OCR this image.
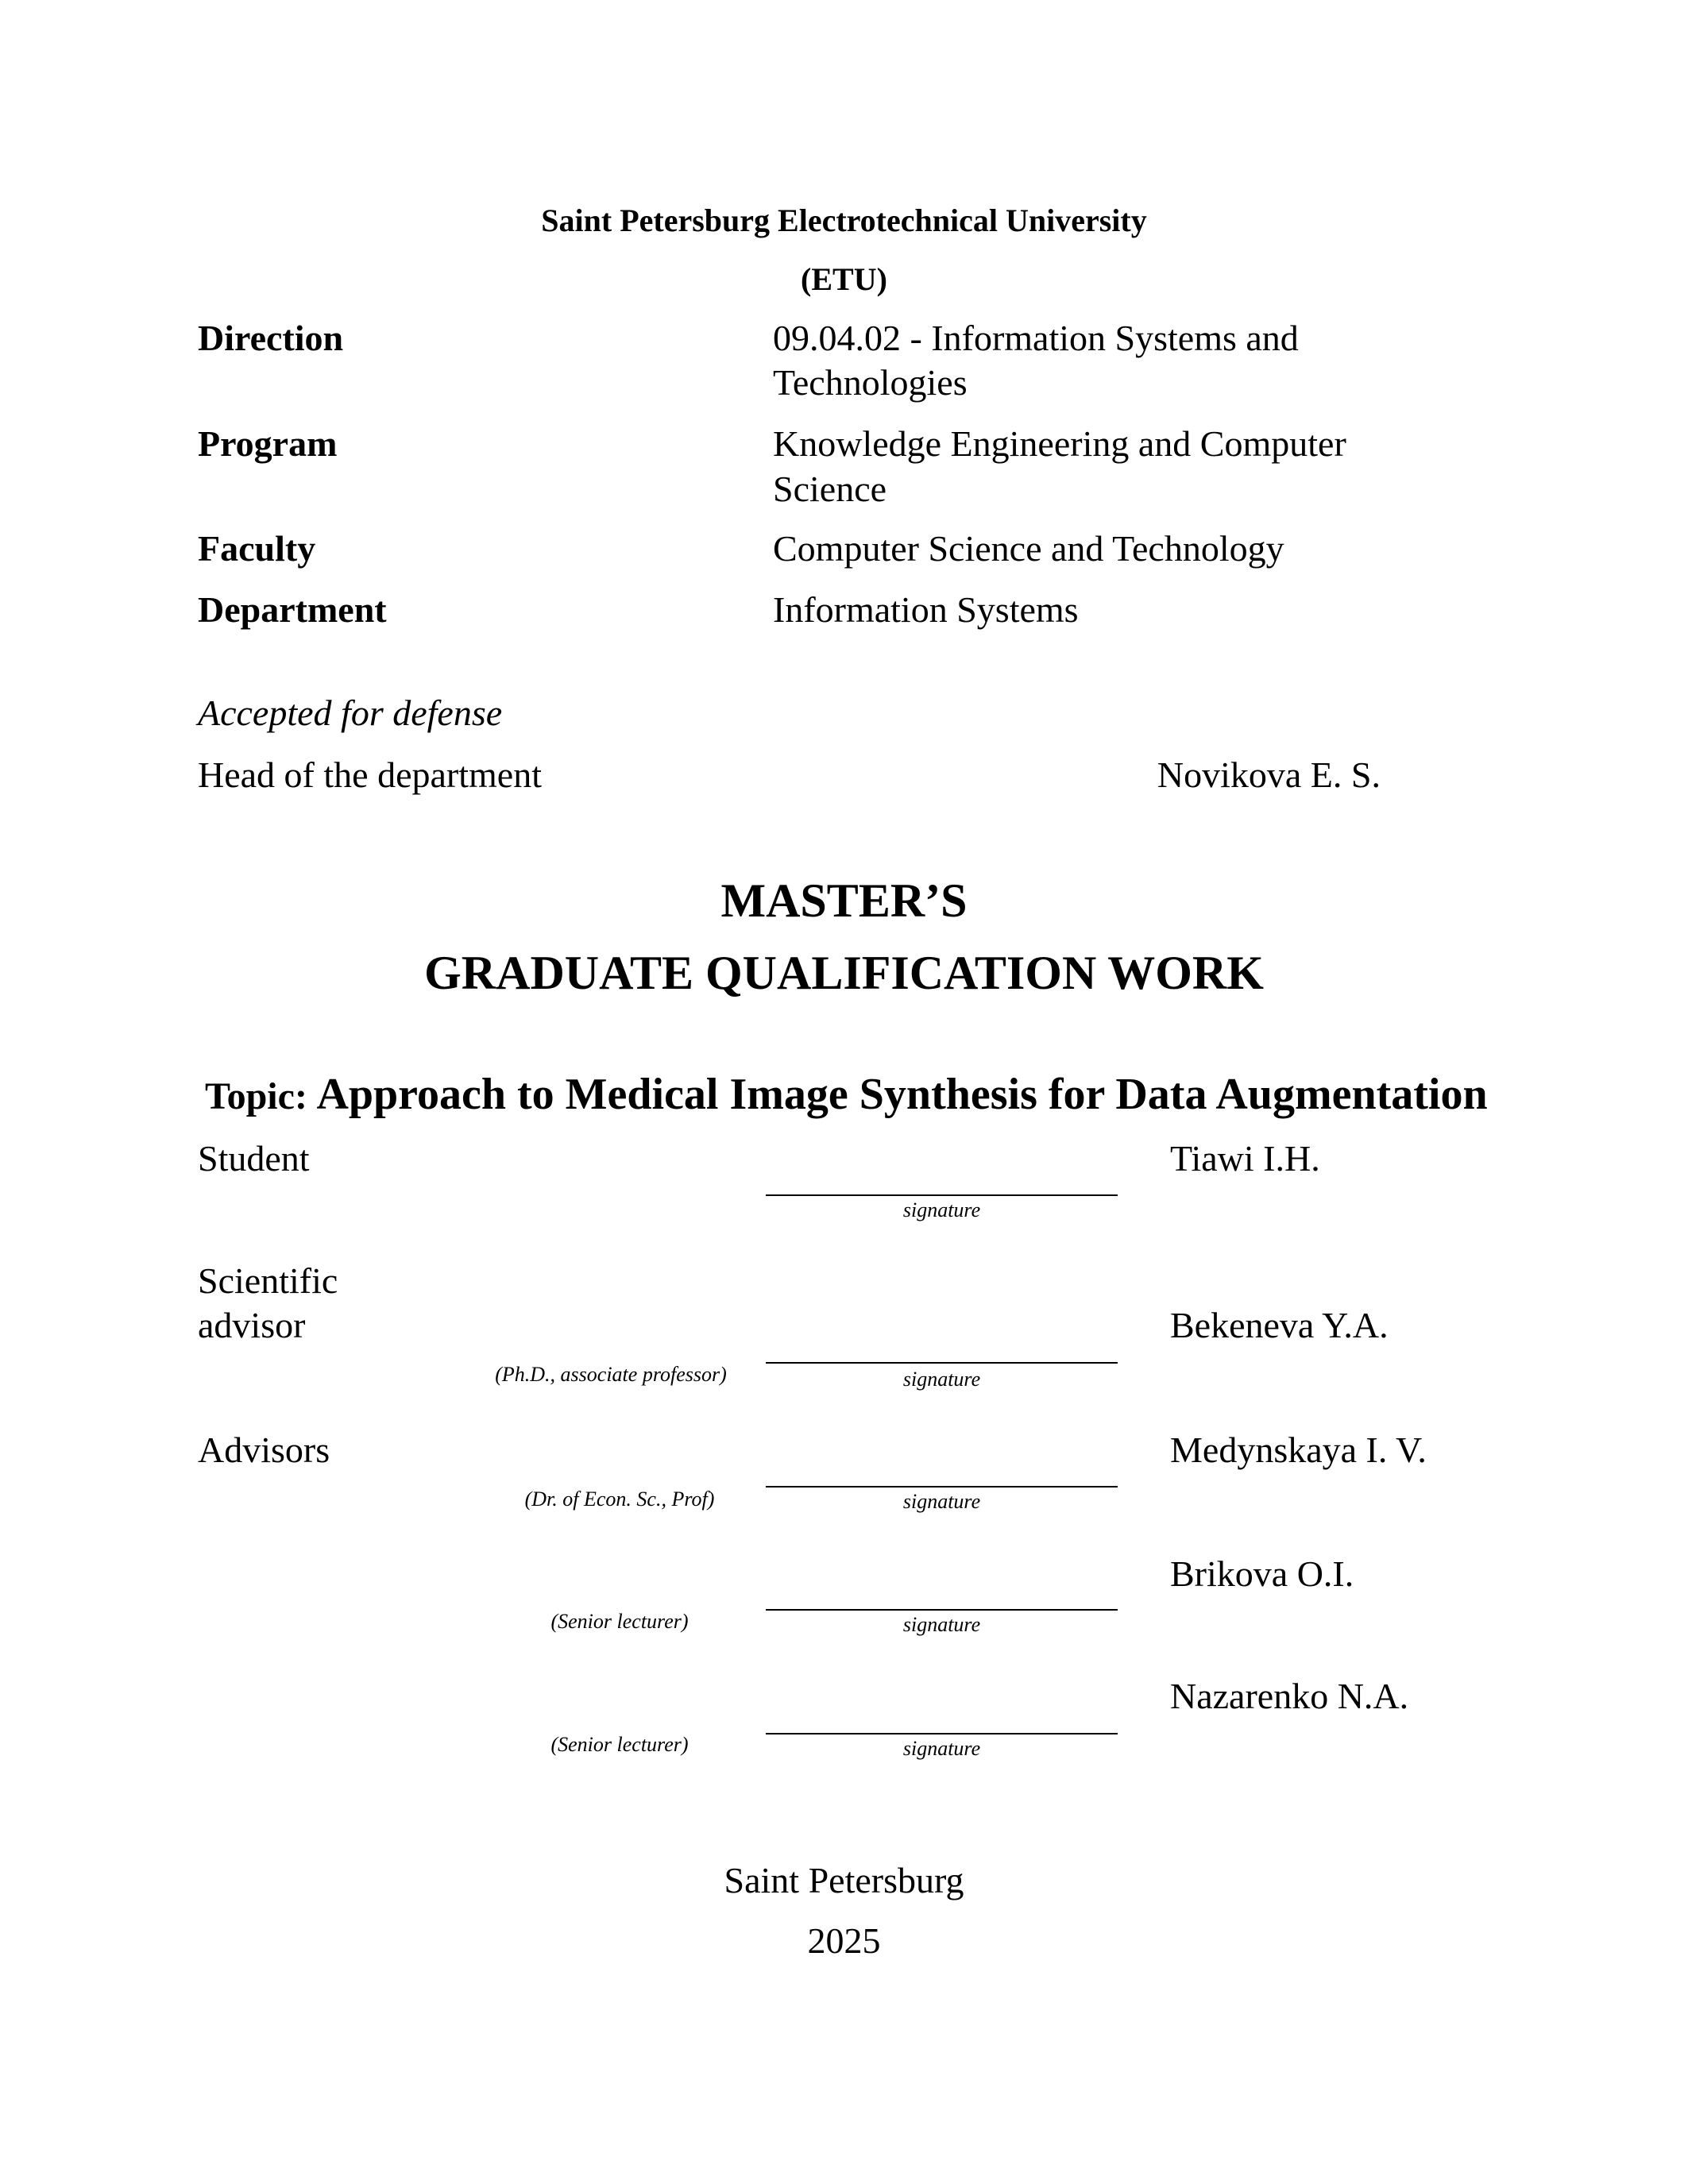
Saint Petersburg Electrotechnical University
(ETU)
Direction	09.04.02 - Information Systems and
Technologies
Program	Knowledge Engineering and Computer
Science
Faculty	Computer Science and Technology
Department	Information Systems
Accepted for defense
Head of the department	Novikova E. S.
MASTER’S
GRADUATE QUALIFICATION WORK
Topic: Approach to Medical Image Synthesis for Data Augmentation
Student	Tiawi I.H.
signature
Scientific
advisor	Bekeneva Y.A.
(Ph.D., associate professor)	signature
Advisors	Medynskaya I. V.
(Dr. of Econ. Sc., Prof)	signature
Brikova O.I.
(Senior lecturer)	signature
Nazarenko N.A.
(Senior lecturer)	signature
Saint Petersburg
2025
